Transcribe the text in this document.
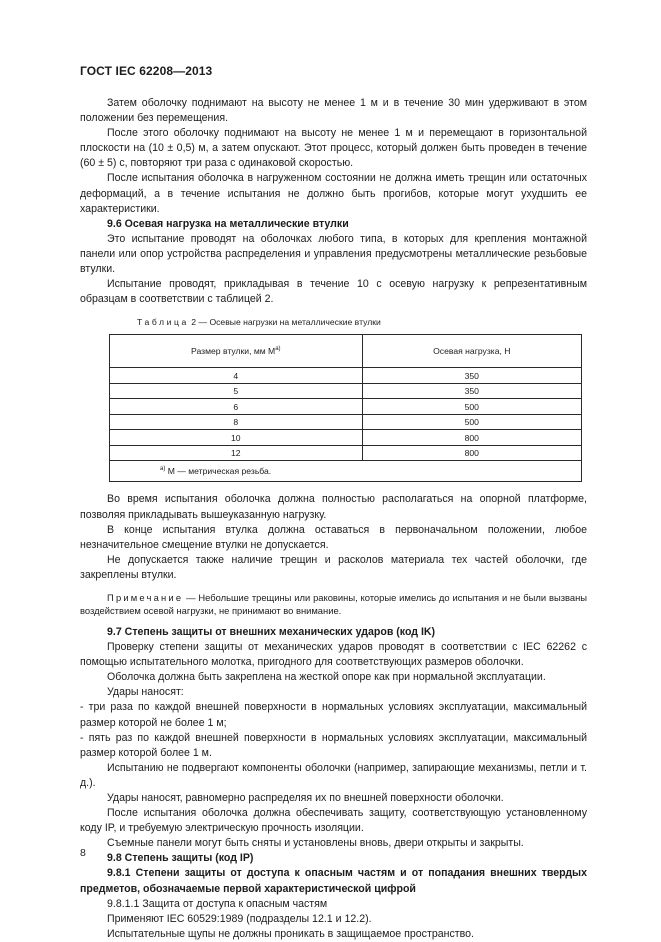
ГОСТ IEC 62208—2013

Затем оболочку поднимают на высоту не менее 1 м и в течение 30 мин удерживают в этом положении без перемещения.

После этого оболочку поднимают на высоту не менее 1 м и перемещают в горизонтальной плоскости на (10 ± 0,5) м, а затем опускают. Этот процесс, который должен быть проведен в течение (60 ± 5) с, повторяют три раза с одинаковой скоростью.

После испытания оболочка в нагруженном состоянии не должна иметь трещин или остаточных деформаций, а в течение испытания не должно быть прогибов, которые могут ухудшить ее характеристики.

9.6 Осевая нагрузка на металлические втулки

Это испытание проводят на оболочках любого типа, в которых для крепления монтажной панели или опор устройства распределения и управления предусмотрены металлические резьбовые втулки.

Испытание проводят, прикладывая в течение 10 с осевую нагрузку к репрезентативным образцам в соответствии с таблицей 2.

Таблица 2 — Осевые нагрузки на металлические втулки
Размер втулки, мм $М^{a)}$	Осевая нагрузка, Н
4	350
5	350
6	500
8	500
10	800
12	800
$^{a)}$ М — метрическая резьба.	

Во время испытания оболочка должна полностью располагаться на опорной платформе, позволяя прикладывать вышеуказанную нагрузку.

В конце испытания втулка должна оставаться в первоначальном положении, любое незначительное смещение втулки не допускается.

Не допускается также наличие трещин и расколов материала тех частей оболочки, где закреплены втулки.

Примечание — Небольшие трещины или раковины, которые имелись до испытания и не были вызваны воздействием осевой нагрузки, не принимают во внимание.

9.7 Степень защиты от внешних механических ударов (код IK)

Проверку степени защиты от механических ударов проводят в соответствии с IEC 62262 с помощью испытательного молотка, пригодного для соответствующих размеров оболочки.

Оболочка должна быть закреплена на жесткой опоре как при нормальной эксплуатации.

Удары наносят:

- три раза по каждой внешней поверхности в нормальных условиях эксплуатации, максимальный размер которой не более 1 м;

- пять раз по каждой внешней поверхности в нормальных условиях эксплуатации, максимальный размер которой более 1 м.

Испытанию не подвергают компоненты оболочки (например, запирающие механизмы, петли и т. д.).

Удары наносят, равномерно распределяя их по внешней поверхности оболочки.

После испытания оболочка должна обеспечивать защиту, соответствующую установленному коду IP, и требуемую электрическую прочность изоляции.

Съемные панели могут быть сняты и установлены вновь, двери открыты и закрыты.

9.8 Степень защиты (код IP)

9.8.1 Степени защиты от доступа к опасным частям и от попадания внешних твердых предметов, обозначаемые первой характеристической цифрой

9.8.1.1 Защита от доступа к опасным частям

Применяют IEC 60529:1989 (подразделы 12.1 и 12.2).

Испытательные щупы не должны проникать в защищаемое пространство.

8
